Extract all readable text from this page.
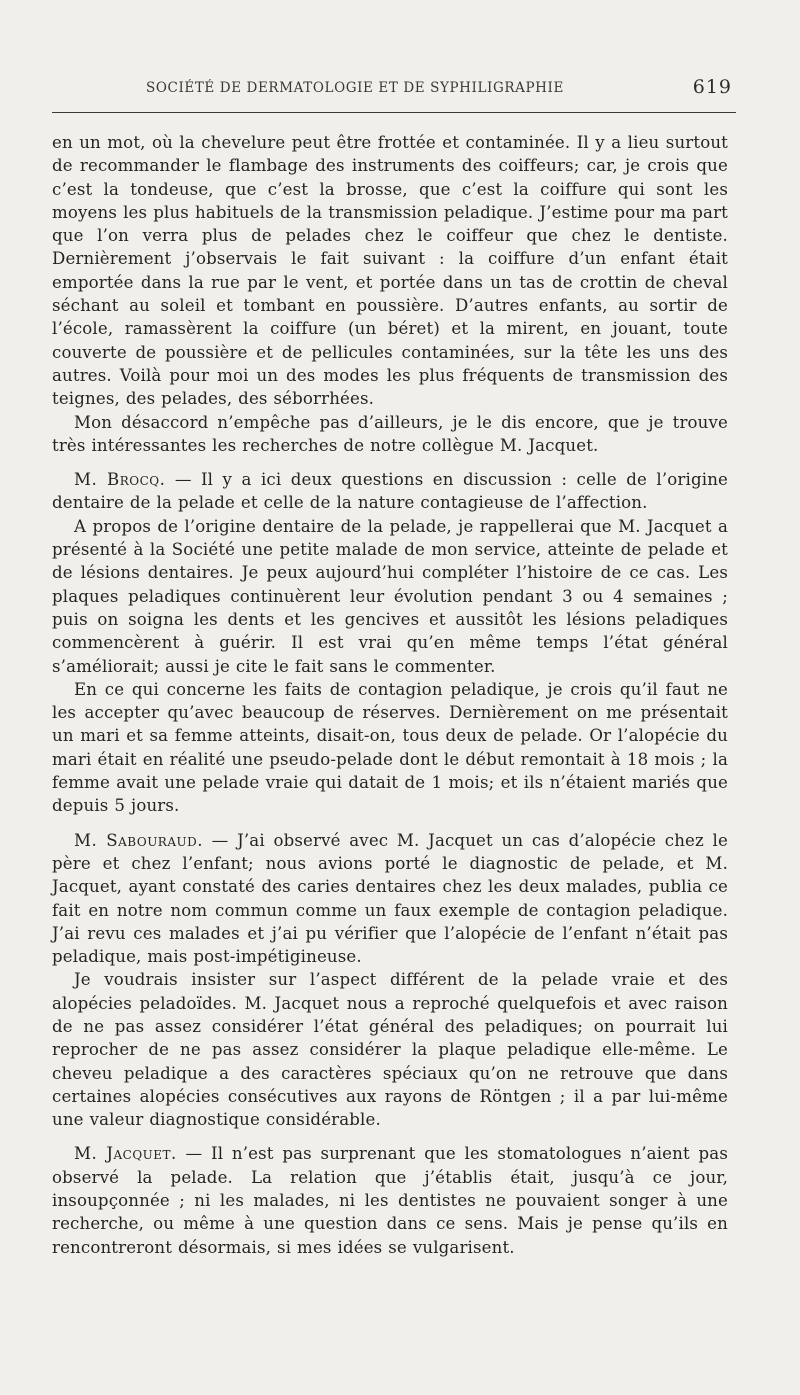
SOCIÉTÉ DE DERMATOLOGIE ET DE SYPHILIGRAPHIE	619

en un mot, où la chevelure peut être frottée et contaminée. Il y a lieu surtout de recommander le flambage des instruments des coiffeurs; car, je crois que c’est la tondeuse, que c’est la brosse, que c’est la coiffure qui sont les moyens les plus habituels de la transmission peladique. J’estime pour ma part que l’on verra plus de pelades chez le coiffeur que chez le dentiste. Dernièrement j’observais le fait suivant : la coiffure d’un enfant était emportée dans la rue par le vent, et portée dans un tas de crottin de cheval séchant au soleil et tombant en poussière. D’autres enfants, au sortir de l’école, ramassèrent la coiffure (un béret) et la mirent, en jouant, toute couverte de poussière et de pellicules contaminées, sur la tête les uns des autres. Voilà pour moi un des modes les plus fréquents de transmission des teignes, des pelades, des séborrhées.

Mon désaccord n’empêche pas d’ailleurs, je le dis encore, que je trouve très intéressantes les recherches de notre collègue M. Jacquet.

M. Brocq. — Il y a ici deux questions en discussion : celle de l’origine dentaire de la pelade et celle de la nature contagieuse de l’affection.

A propos de l’origine dentaire de la pelade, je rappellerai que M. Jacquet a présenté à la Société une petite malade de mon service, atteinte de pelade et de lésions dentaires. Je peux aujourd’hui compléter l’histoire de ce cas. Les plaques peladiques continuèrent leur évolution pendant 3 ou 4 semaines ; puis on soigna les dents et les gencives et aussitôt les lésions peladiques commencèrent à guérir. Il est vrai qu’en même temps l’état général s’améliorait; aussi je cite le fait sans le commenter.

En ce qui concerne les faits de contagion peladique, je crois qu’il faut ne les accepter qu’avec beaucoup de réserves. Dernièrement on me présentait un mari et sa femme atteints, disait-on, tous deux de pelade. Or l’alopécie du mari était en réalité une pseudo-pelade dont le début remontait à 18 mois ; la femme avait une pelade vraie qui datait de 1 mois; et ils n’étaient mariés que depuis 5 jours.

M. Sabouraud. — J’ai observé avec M. Jacquet un cas d’alopécie chez le père et chez l’enfant; nous avions porté le diagnostic de pelade, et M. Jacquet, ayant constaté des caries dentaires chez les deux malades, publia ce fait en notre nom commun comme un faux exemple de contagion peladique. J’ai revu ces malades et j’ai pu vérifier que l’alopécie de l’enfant n’était pas peladique, mais post-impétigineuse.

Je voudrais insister sur l’aspect différent de la pelade vraie et des alopécies peladoïdes. M. Jacquet nous a reproché quelquefois et avec raison de ne pas assez considérer l’état général des peladiques; on pourrait lui reprocher de ne pas assez considérer la plaque peladique elle-même. Le cheveu peladique a des caractères spéciaux qu’on ne retrouve que dans certaines alopécies consécutives aux rayons de Röntgen ; il a par lui-même une valeur diagnostique considérable.

M. Jacquet. — Il n’est pas surprenant que les stomatologues n’aient pas observé la pelade. La relation que j’établis était, jusqu’à ce jour, insoupçonnée ; ni les malades, ni les dentistes ne pouvaient songer à une recherche, ou même à une question dans ce sens. Mais je pense qu’ils en rencontreront désormais, si mes idées se vulgarisent.
